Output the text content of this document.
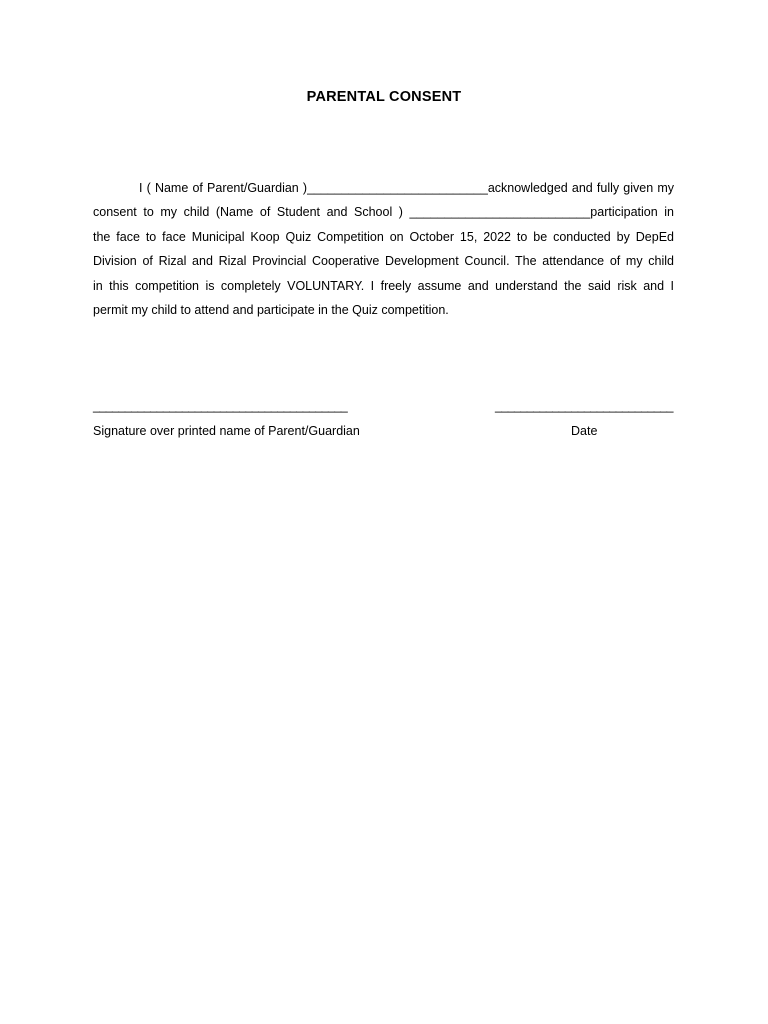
PARENTAL CONSENT
I ( Name of Parent/Guardian )__________________________acknowledged and fully given my
consent to my child (Name of Student and School ) __________________________participation in
the face to face Municipal Koop Quiz Competition on October 15, 2022 to be conducted by DepEd
Division of Rizal and Rizal Provincial Cooperative Development Council. The attendance of my child
in this competition is completely VOLUNTARY. I freely assume and understand the said risk and I
permit my child to attend and participate in the Quiz competition.
________________________________________	____________________________
Signature over printed name of Parent/Guardian	Date
